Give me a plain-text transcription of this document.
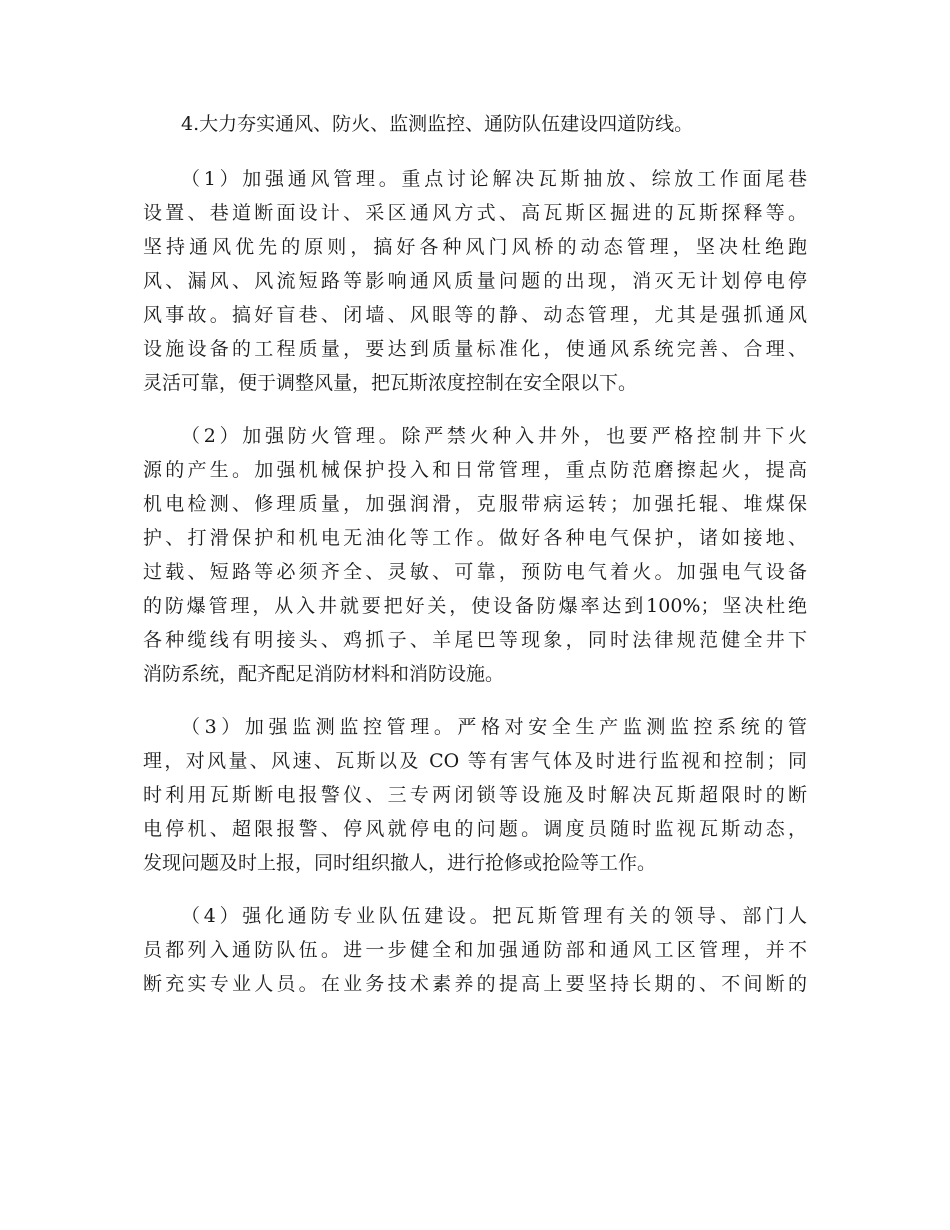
4.大力夯实通风、防火、监测监控、通防队伍建设四道防线。
（1）加强通风管理。重点讨论解决瓦斯抽放、综放工作面尾巷
设置、巷道断面设计、采区通风方式、高瓦斯区掘进的瓦斯探释等。
坚持通风优先的原则，搞好各种风门风桥的动态管理，坚决杜绝跑
风、漏风、风流短路等影响通风质量问题的出现，消灭无计划停电停
风事故。搞好盲巷、闭墙、风眼等的静、动态管理，尤其是强抓通风
设施设备的工程质量，要达到质量标准化，使通风系统完善、合理、
灵活可靠，便于调整风量，把瓦斯浓度控制在安全限以下。
（2）加强防火管理。除严禁火种入井外，也要严格控制井下火
源的产生。加强机械保护投入和日常管理，重点防范磨擦起火，提高
机电检测、修理质量，加强润滑，克服带病运转；加强托辊、堆煤保
护、打滑保护和机电无油化等工作。做好各种电气保护，诸如接地、
过载、短路等必须齐全、灵敏、可靠，预防电气着火。加强电气设备
的防爆管理，从入井就要把好关，使设备防爆率达到100%；坚决杜绝
各种缆线有明接头、鸡抓子、羊尾巴等现象，同时法律规范健全井下
消防系统，配齐配足消防材料和消防设施。
（3）加强监测监控管理。严格对安全生产监测监控系统的管
理，对风量、风速、瓦斯以及 CO 等有害气体及时进行监视和控制；同
时利用瓦斯断电报警仪、三专两闭锁等设施及时解决瓦斯超限时的断
电停机、超限报警、停风就停电的问题。调度员随时监视瓦斯动态，
发现问题及时上报，同时组织撤人，进行抢修或抢险等工作。
（4）强化通防专业队伍建设。把瓦斯管理有关的领导、部门人
员都列入通防队伍。进一步健全和加强通防部和通风工区管理，并不
断充实专业人员。在业务技术素养的提高上要坚持长期的、不间断的
